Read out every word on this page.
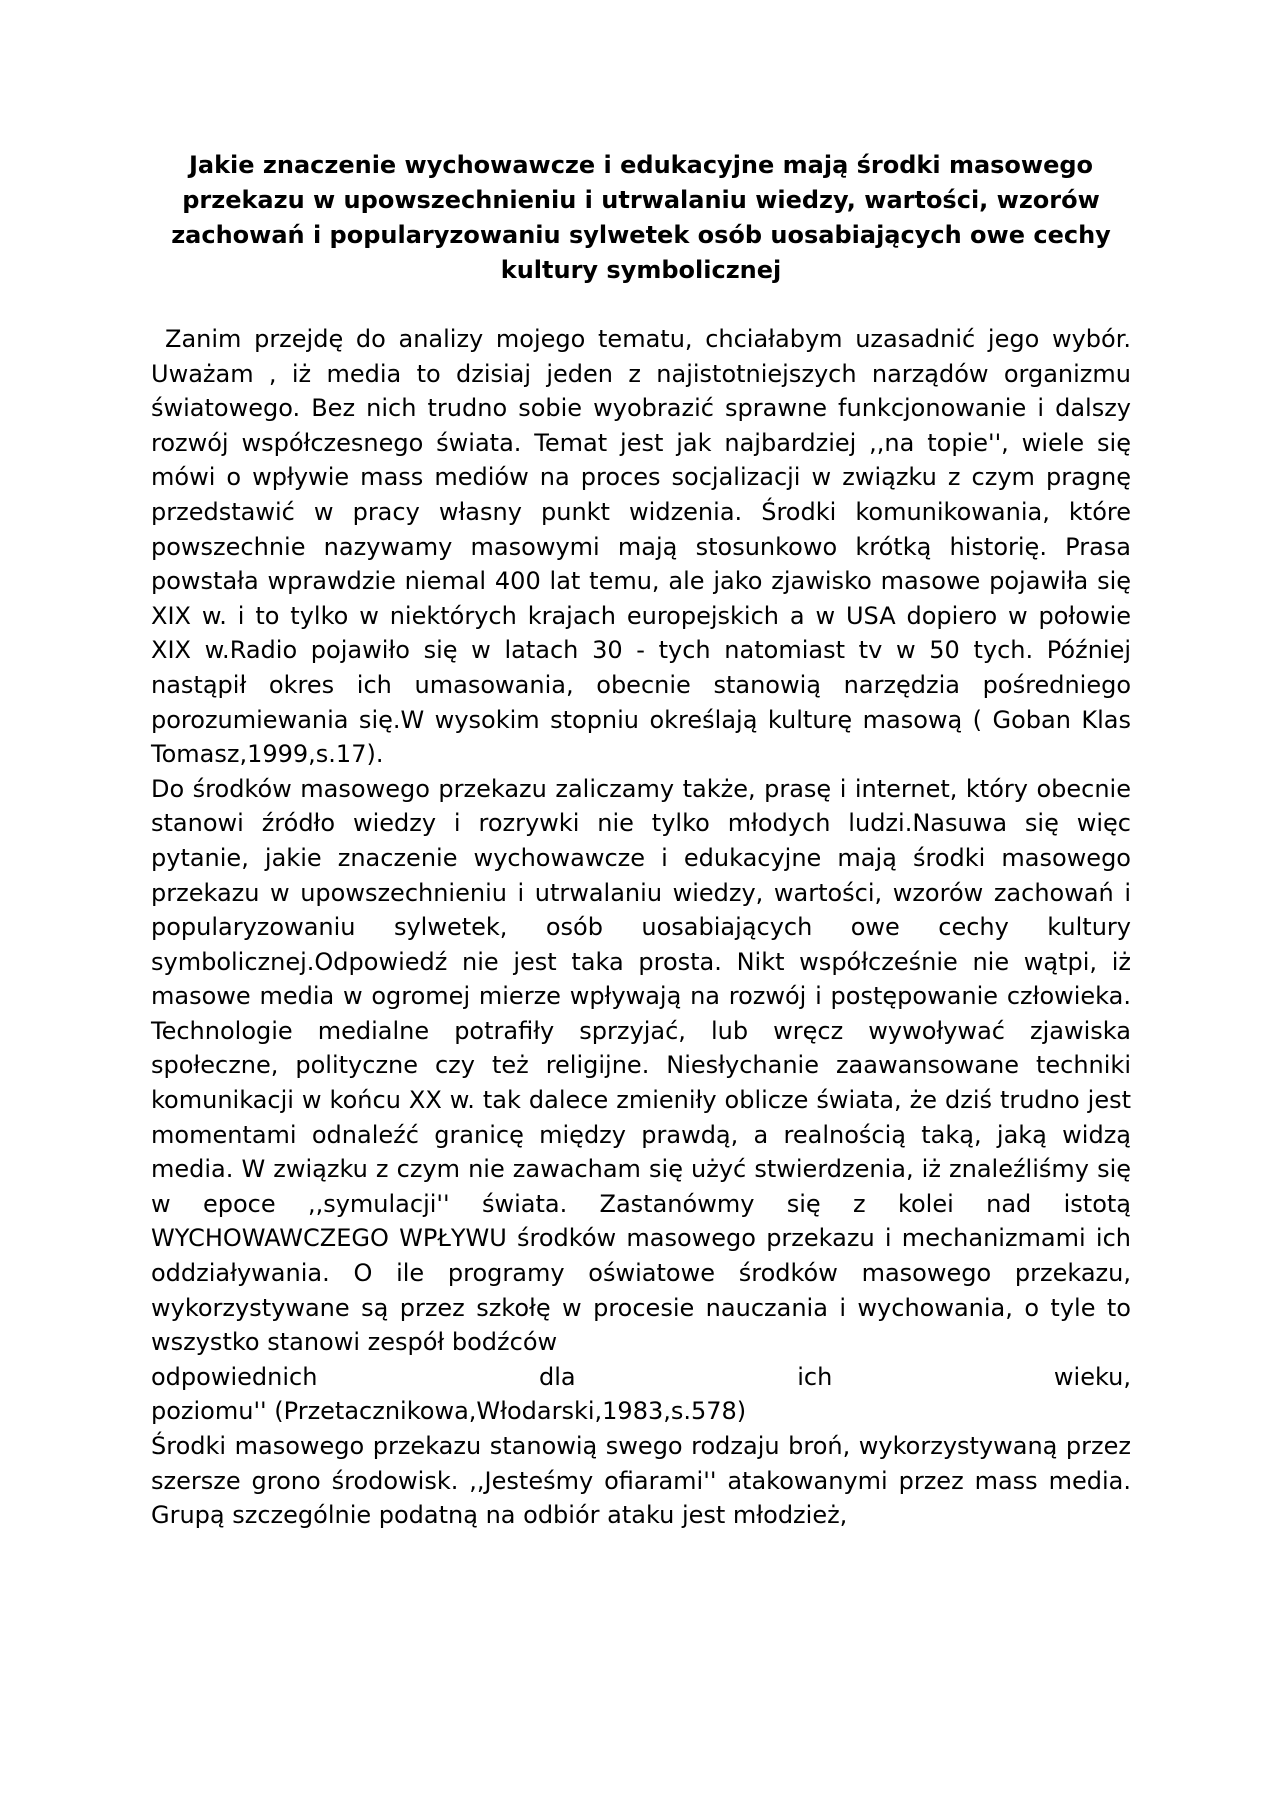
Jakie znaczenie wychowawcze i edukacyjne mają środki masowego przekazu w upowszechnieniu i utrwalaniu wiedzy, wartości, wzorów zachowań i popularyzowaniu sylwetek osób uosabiających owe cechy kultury symbolicznej

Zanim przejdę do analizy mojego tematu, chciałabym uzasadnić jego wybór. Uważam , iż media to dzisiaj jeden z najistotniejszych narządów organizmu światowego. Bez nich trudno sobie wyobrazić sprawne funkcjonowanie i dalszy rozwój współczesnego świata. Temat jest jak najbardziej ,,na topie'', wiele się mówi o wpływie mass mediów na proces socjalizacji w związku z czym pragnę przedstawić w pracy własny punkt widzenia. Środki komunikowania, które powszechnie nazywamy masowymi mają stosunkowo krótką historię. Prasa powstała wprawdzie niemal 400 lat temu, ale jako zjawisko masowe pojawiła się XIX w. i to tylko w niektórych krajach europejskich a w USA dopiero w połowie XIX w.Radio pojawiło się w latach 30 - tych natomiast tv w 50 tych. Później nastąpił okres ich umasowania, obecnie stanowią narzędzia pośredniego porozumiewania się.W wysokim stopniu określają kulturę masową ( Goban Klas Tomasz,1999,s.17).

Do środków masowego przekazu zaliczamy także, prasę i internet, który obecnie stanowi źródło wiedzy i rozrywki nie tylko młodych ludzi.Nasuwa się więc pytanie, jakie znaczenie wychowawcze i edukacyjne mają środki masowego przekazu w upowszechnieniu i utrwalaniu wiedzy, wartości, wzorów zachowań i popularyzowaniu sylwetek, osób uosabiających owe cechy kultury symbolicznej.Odpowiedź nie jest taka prosta. Nikt współcześnie nie wątpi, iż masowe media w ogromej mierze wpływają na rozwój i postępowanie człowieka. Technologie medialne potrafiły sprzyjać, lub wręcz wywoływać zjawiska społeczne, polityczne czy też religijne. Niesłychanie zaawansowane techniki komunikacji w końcu XX w. tak dalece zmieniły oblicze świata, że dziś trudno jest momentami odnaleźć granicę między prawdą, a realnością taką, jaką widzą media. W związku z czym nie zawacham się użyć stwierdzenia, iż znaleźliśmy się w epoce ,,symulacji'' świata. Zastanówmy się z kolei nad istotą WYCHOWAWCZEGO WPŁYWU środków masowego przekazu i mechanizmami ich oddziaływania. O ile programy oświatowe środków masowego przekazu, wykorzystywane są przez szkołę w procesie nauczania i wychowania, o tyle to wszystko stanowi zespół bodźców

odpowiednich dla ich wieku,

poziomu'' (Przetacznikowa,Włodarski,1983,s.578)

Środki masowego przekazu stanowią swego rodzaju broń, wykorzystywaną przez szersze grono środowisk. ,,Jesteśmy ofiarami'' atakowanymi przez mass media. Grupą szczególnie podatną na odbiór ataku jest młodzież,
